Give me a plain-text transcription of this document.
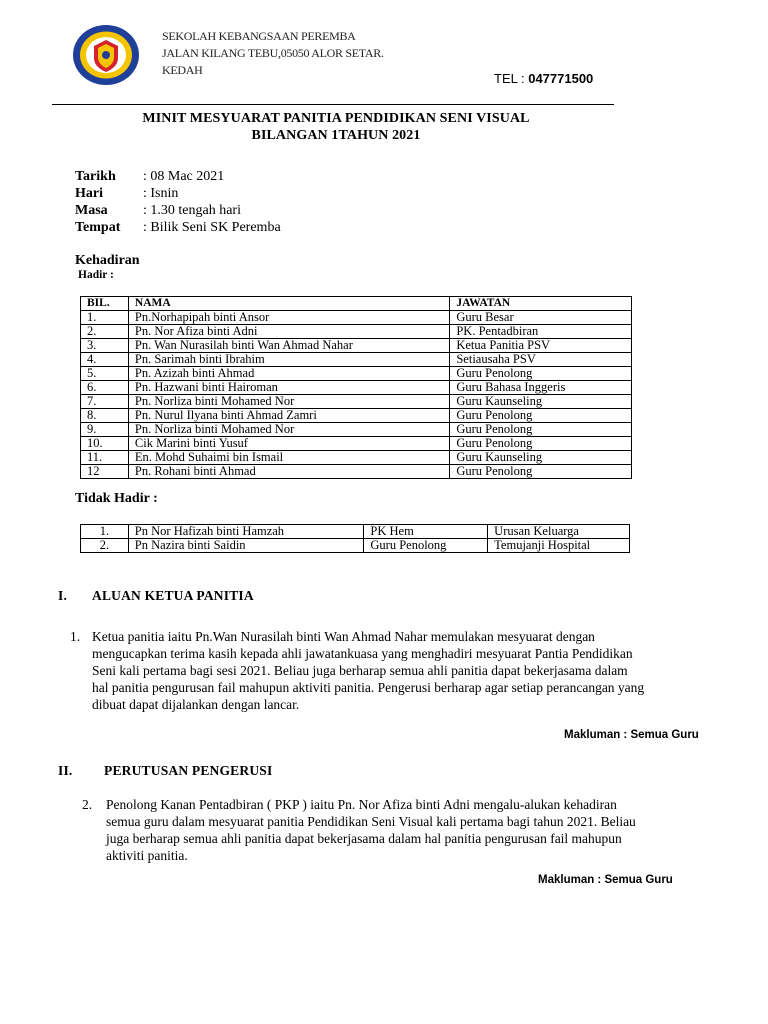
SEKOLAH KEBANGSAAN PEREMBA
JALAN KILANG TEBU,05050 ALOR SETAR.
KEDAH
TEL : 047771500
MINIT MESYUARAT PANITIA PENDIDIKAN SENI VISUAL
BILANGAN 1TAHUN 2021
Tarikh	: 08 Mac 2021
Hari	: Isnin
Masa	: 1.30 tengah hari
Tempat	: Bilik Seni SK Peremba
Kehadiran
Hadir :
BIL.	NAMA	JAWATAN
1.	Pn.Norhapipah binti Ansor	Guru Besar
2.	Pn. Nor Afiza binti Adni	PK. Pentadbiran
3.	Pn. Wan Nurasilah binti Wan Ahmad Nahar	Ketua Panitia PSV
4.	Pn. Sarimah binti Ibrahim	Setiausaha PSV
5.	Pn. Azizah binti Ahmad	Guru Penolong
6.	Pn. Hazwani binti Hairoman	Guru Bahasa Inggeris
7.	Pn. Norliza binti Mohamed Nor	Guru Kaunseling
8.	Pn. Nurul Ilyana binti Ahmad Zamri	Guru Penolong
9.	Pn. Norliza binti Mohamed Nor	Guru Penolong
10.	Cik Marini binti Yusuf	Guru Penolong
11.	En. Mohd Suhaimi bin Ismail	Guru Kaunseling
12	Pn. Rohani binti Ahmad	Guru Penolong
Tidak Hadir :
1.	Pn Nor Hafizah binti Hamzah	PK Hem	Urusan Keluarga
2.	Pn Nazira binti Saidin	Guru Penolong	Temujanji Hospital
I. ALUAN KETUA PANITIA
1. Ketua panitia iaitu Pn.Wan Nurasilah binti Wan Ahmad Nahar memulakan mesyuarat dengan
mengucapkan terima kasih kepada ahli jawatankuasa yang menghadiri mesyuarat Pantia Pendidikan
Seni kali pertama bagi sesi 2021. Beliau juga berharap semua ahli panitia dapat bekerjasama dalam
hal panitia pengurusan fail mahupun aktiviti panitia. Pengerusi berharap agar setiap perancangan yang
dibuat dapat dijalankan dengan lancar.
Makluman : Semua Guru
II. PERUTUSAN PENGERUSI
2. Penolong Kanan Pentadbiran ( PKP ) iaitu Pn. Nor Afiza binti Adni mengalu-alukan kehadiran
semua guru dalam mesyuarat panitia Pendidikan Seni Visual kali pertama bagi tahun 2021. Beliau
juga berharap semua ahli panitia dapat bekerjasama dalam hal panitia pengurusan fail mahupun
aktiviti panitia.
Makluman : Semua Guru
